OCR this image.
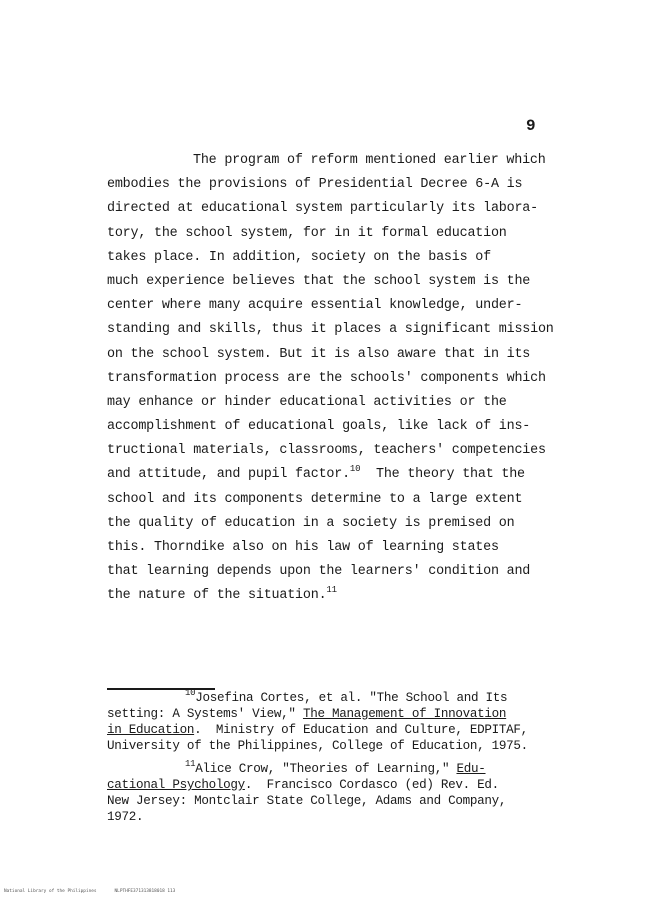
9
The program of reform mentioned earlier which
embodies the provisions of Presidential Decree 6-A is
directed at educational system particularly its labora-
tory, the school system, for in it formal education
takes place. In addition, society on the basis of
much experience believes that the school system is the
center where many acquire essential knowledge, under-
standing and skills, thus it places a significant mission
on the school system. But it is also aware that in its
transformation process are the schools' components which
may enhance or hinder educational activities or the
accomplishment of educational goals, like lack of ins-
tructional materials, classrooms, teachers' competencies
and attitude, and pupil factor.$^{10}$  The theory that the
school and its components determine to a large extent
the quality of education in a society is premised on
this. Thorndike also on his law of learning states
that learning depends upon the learners' condition and
the nature of the situation.$^{11}$
$^{10}$Josefina Cortes, et al. "The School and Its
setting: A Systems' View," The Management of Innovation
in Education.  Ministry of Education and Culture, EDPITAF,
University of the Philippines, College of Education, 1975.
$^{11}$Alice Crow, "Theories of Learning," Edu-
cational Psychology.  Francisco Cordasco (ed) Rev. Ed.
New Jersey: Montclair State College, Adams and Company,
1972.
National Library of the Philippines	NLPTHFE371313818018 113
